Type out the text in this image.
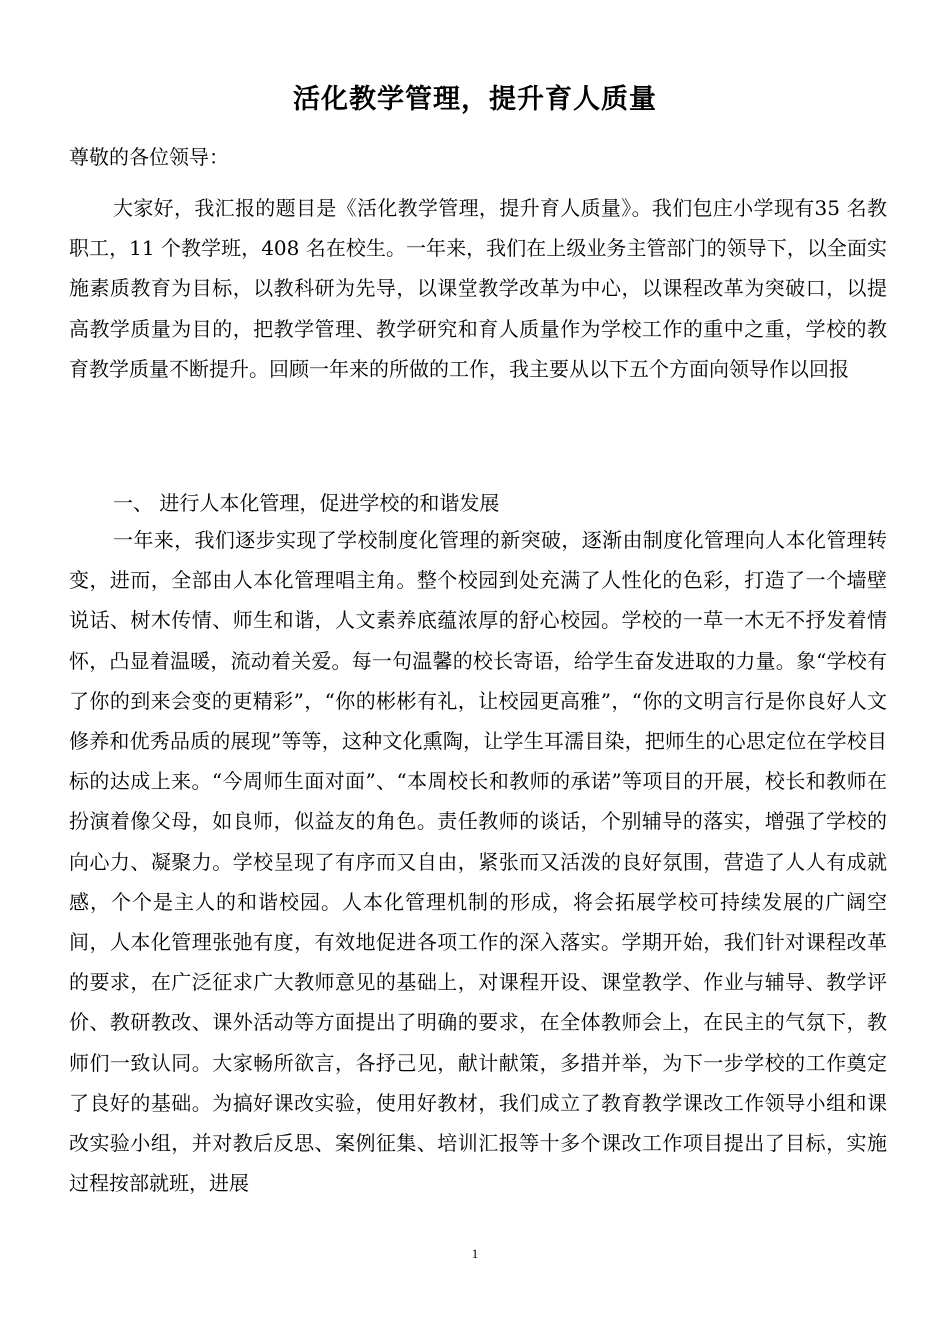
活化教学管理，提升育人质量
尊敬的各位领导：
大家好，我汇报的题目是《活化教学管理，提升育人质量》。我们包庄小学现有35 名教职工，11 个教学班，408 名在校生。一年来，我们在上级业务主管部门的领导下，以全面实施素质教育为目标，以教科研为先导，以课堂教学改革为中心，以课程改革为突破口，以提高教学质量为目的，把教学管理、教学研究和育人质量作为学校工作的重中之重，学校的教育教学质量不断提升。回顾一年来的所做的工作，我主要从以下五个方面向领导作以回报
一、 进行人本化管理，促进学校的和谐发展
一年来，我们逐步实现了学校制度化管理的新突破，逐渐由制度化管理向人本化管理转变，进而，全部由人本化管理唱主角。整个校园到处充满了人性化的色彩，打造了一个墙壁说话、树木传情、师生和谐，人文素养底蕴浓厚的舒心校园。学校的一草一木无不抒发着情怀，凸显着温暖，流动着关爱。每一句温馨的校长寄语，给学生奋发进取的力量。象“学校有了你的到来会变的更精彩”，“你的彬彬有礼，让校园更高雅”，“你的文明言行是你良好人文修养和优秀品质的展现”等等，这种文化熏陶，让学生耳濡目染，把师生的心思定位在学校目标的达成上来。“今周师生面对面”、“本周校长和教师的承诺”等项目的开展，校长和教师在扮演着像父母，如良师，似益友的角色。责任教师的谈话，个别辅导的落实，增强了学校的向心力、凝聚力。学校呈现了有序而又自由，紧张而又活泼的良好氛围，营造了人人有成就感，个个是主人的和谐校园。人本化管理机制的形成，将会拓展学校可持续发展的广阔空间，人本化管理张弛有度，有效地促进各项工作的深入落实。学期开始，我们针对课程改革的要求，在广泛征求广大教师意见的基础上，对课程开设、课堂教学、作业与辅导、教学评价、教研教改、课外活动等方面提出了明确的要求，在全体教师会上，在民主的气氛下，教师们一致认同。大家畅所欲言，各抒己见，献计献策，多措并举，为下一步学校的工作奠定了良好的基础。为搞好课改实验，使用好教材，我们成立了教育教学课改工作领导小组和课改实验小组，并对教后反思、案例征集、培训汇报等十多个课改工作项目提出了目标，实施过程按部就班，进展
1
